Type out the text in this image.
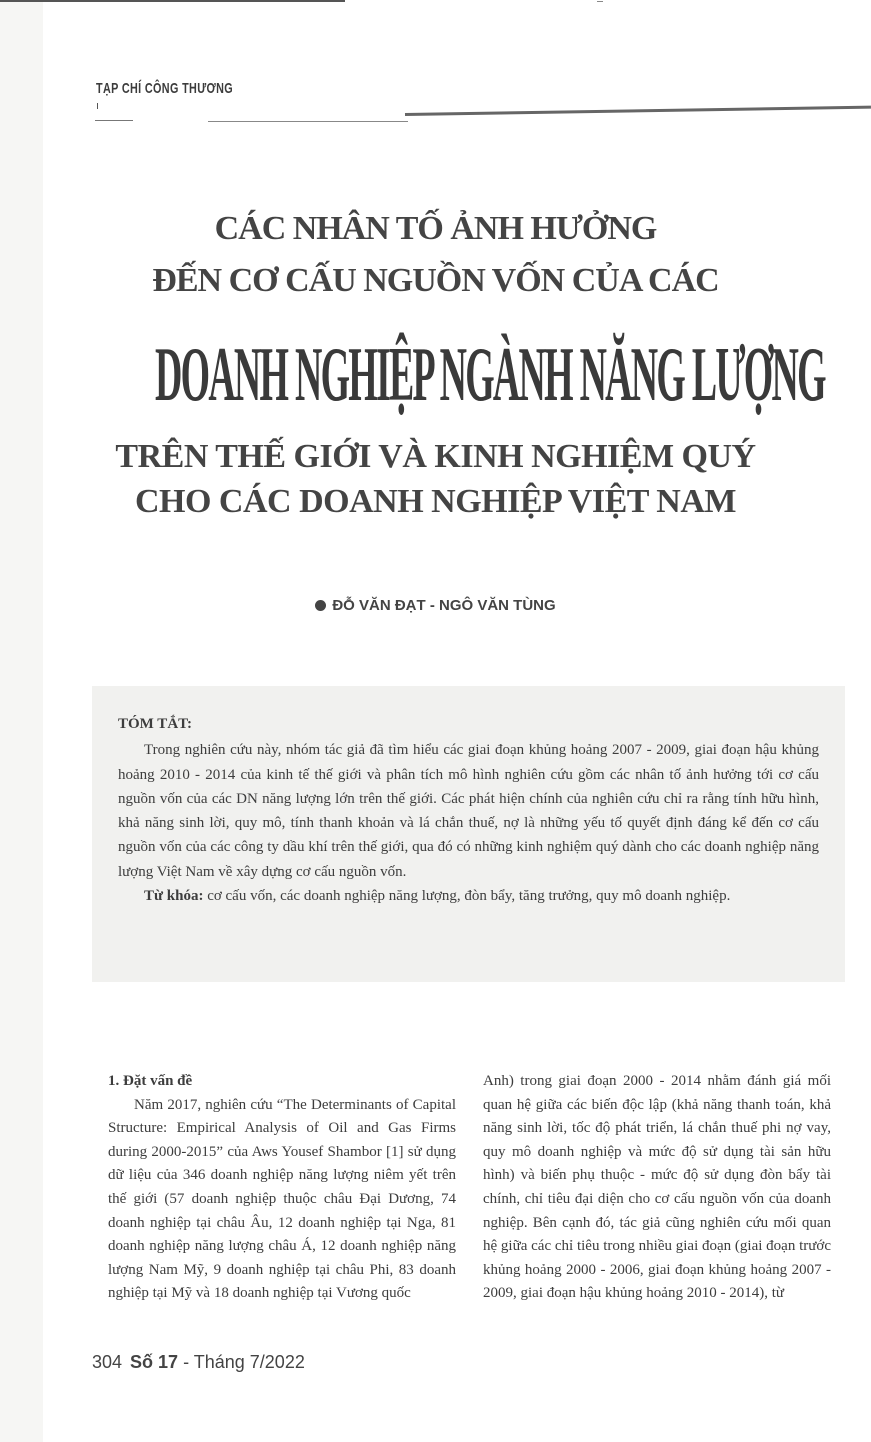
TẠP CHÍ CÔNG THƯƠNG
CÁC NHÂN TỐ ẢNH HƯỞNG
ĐẾN CƠ CẤU NGUỒN VỐN CỦA CÁC
DOANH NGHIỆP NGÀNH NĂNG LƯỢNG
TRÊN THẾ GIỚI VÀ KINH NGHIỆM QUÝ
CHO CÁC DOANH NGHIỆP VIỆT NAM
ĐỖ VĂN ĐẠT - NGÔ VĂN TÙNG
TÓM TẮT:
Trong nghiên cứu này, nhóm tác giả đã tìm hiểu các giai đoạn khủng hoảng 2007 - 2009, giai đoạn hậu khủng hoảng 2010 - 2014 của kinh tế thế giới và phân tích mô hình nghiên cứu gồm các nhân tố ảnh hưởng tới cơ cấu nguồn vốn của các DN năng lượng lớn trên thế giới. Các phát hiện chính của nghiên cứu chỉ ra rằng tính hữu hình, khả năng sinh lời, quy mô, tính thanh khoản và lá chắn thuế, nợ là những yếu tố quyết định đáng kể đến cơ cấu nguồn vốn của các công ty dầu khí trên thế giới, qua đó có những kinh nghiệm quý dành cho các doanh nghiệp năng lượng Việt Nam về xây dựng cơ cấu nguồn vốn.
Từ khóa: cơ cấu vốn, các doanh nghiệp năng lượng, đòn bẩy, tăng trưởng, quy mô doanh nghiệp.
1. Đặt vấn đề
Năm 2017, nghiên cứu “The Determinants of Capital Structure: Empirical Analysis of Oil and Gas Firms during 2000-2015” của Aws Yousef Shambor [1] sử dụng dữ liệu của 346 doanh nghiệp năng lượng niêm yết trên thế giới (57 doanh nghiệp thuộc châu Đại Dương, 74 doanh nghiệp tại châu Âu, 12 doanh nghiệp tại Nga, 81 doanh nghiệp năng lượng châu Á, 12 doanh nghiệp năng lượng Nam Mỹ, 9 doanh nghiệp tại châu Phi, 83 doanh nghiệp tại Mỹ và 18 doanh nghiệp tại Vương quốc
Anh) trong giai đoạn 2000 - 2014 nhằm đánh giá mối quan hệ giữa các biến độc lập (khả năng thanh toán, khả năng sinh lời, tốc độ phát triển, lá chắn thuế phi nợ vay, quy mô doanh nghiệp và mức độ sử dụng tài sản hữu hình) và biến phụ thuộc - mức độ sử dụng đòn bẩy tài chính, chỉ tiêu đại diện cho cơ cấu nguồn vốn của doanh nghiệp. Bên cạnh đó, tác giả cũng nghiên cứu mối quan hệ giữa các chỉ tiêu trong nhiều giai đoạn (giai đoạn trước khủng hoảng 2000 - 2006, giai đoạn khủng hoảng 2007 - 2009, giai đoạn hậu khủng hoảng 2010 - 2014), từ
304 Số 17 - Tháng 7/2022
